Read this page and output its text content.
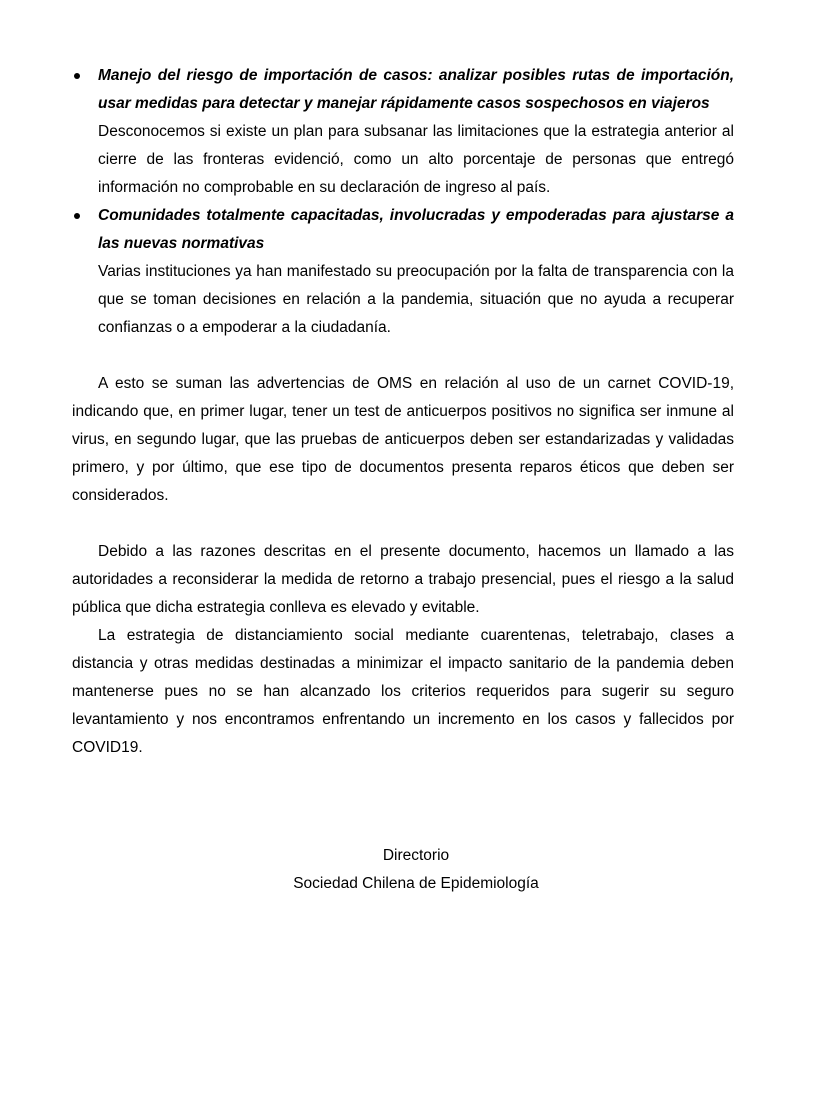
Manejo del riesgo de importación de casos: analizar posibles rutas de importación, usar medidas para detectar y manejar rápidamente casos sospechosos en viajeros
Desconocemos si existe un plan para subsanar las limitaciones que la estrategia anterior al cierre de las fronteras evidenció, como un alto porcentaje de personas que entregó información no comprobable en su declaración de ingreso al país.
Comunidades totalmente capacitadas, involucradas y empoderadas para ajustarse a las nuevas normativas
Varias instituciones ya han manifestado su preocupación por la falta de transparencia con la que se toman decisiones en relación a la pandemia, situación que no ayuda a recuperar confianzas o a empoderar a la ciudadanía.

A esto se suman las advertencias de OMS en relación al uso de un carnet COVID-19, indicando que, en primer lugar, tener un test de anticuerpos positivos no significa ser inmune al virus, en segundo lugar, que las pruebas de anticuerpos deben ser estandarizadas y validadas primero, y por último, que ese tipo de documentos presenta reparos éticos que deben ser considerados.

Debido a las razones descritas en el presente documento, hacemos un llamado a las autoridades a reconsiderar la medida de retorno a trabajo presencial, pues el riesgo a la salud pública que dicha estrategia conlleva es elevado y evitable.

La estrategia de distanciamiento social mediante cuarentenas, teletrabajo, clases a distancia y otras medidas destinadas a minimizar el impacto sanitario de la pandemia deben mantenerse pues no se han alcanzado los criterios requeridos para sugerir su seguro levantamiento y nos encontramos enfrentando un incremento en los casos y fallecidos por COVID19.

Directorio
Sociedad Chilena de Epidemiología
